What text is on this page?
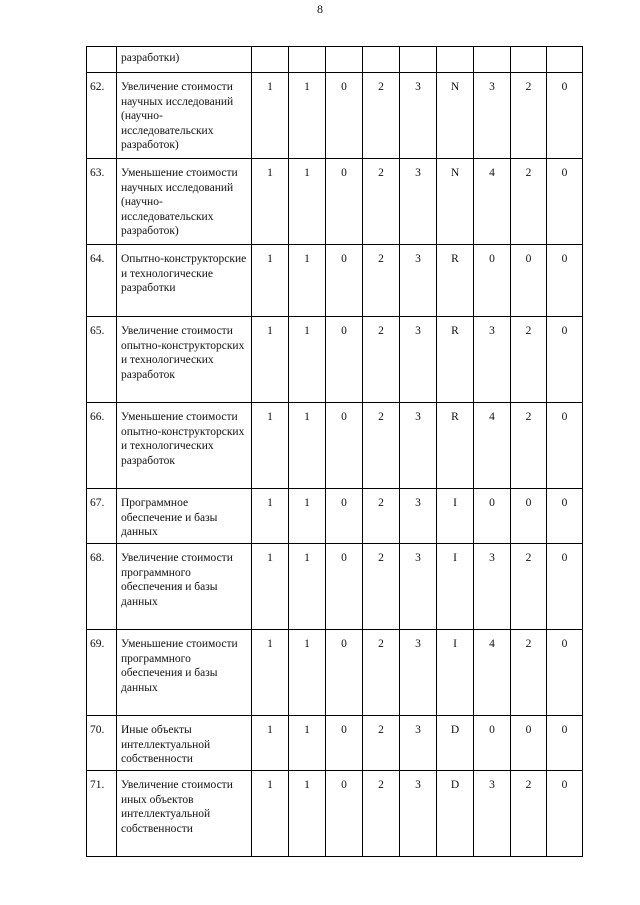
8
	разработки)									
62.	Увеличение стоимости научных исследований (научно-исследовательских разработок)	1	1	0	2	3	N	3	2	0
63.	Уменьшение стоимости научных исследований (научно-исследовательских разработок)	1	1	0	2	3	N	4	2	0
64.	Опытно-конструкторские и технологические разработки	1	1	0	2	3	R	0	0	0
65.	Увеличение стоимости опытно-конструкторских и технологических разработок	1	1	0	2	3	R	3	2	0
66.	Уменьшение стоимости опытно-конструкторских и технологических разработок	1	1	0	2	3	R	4	2	0
67.	Программное обеспечение и базы данных	1	1	0	2	3	I	0	0	0
68.	Увеличение стоимости программного обеспечения и базы данных	1	1	0	2	3	I	3	2	0
69.	Уменьшение стоимости программного обеспечения и базы данных	1	1	0	2	3	I	4	2	0
70.	Иные объекты интеллектуальной собственности	1	1	0	2	3	D	0	0	0
71.	Увеличение стоимости иных объектов интеллектуальной собственности	1	1	0	2	3	D	3	2	0
